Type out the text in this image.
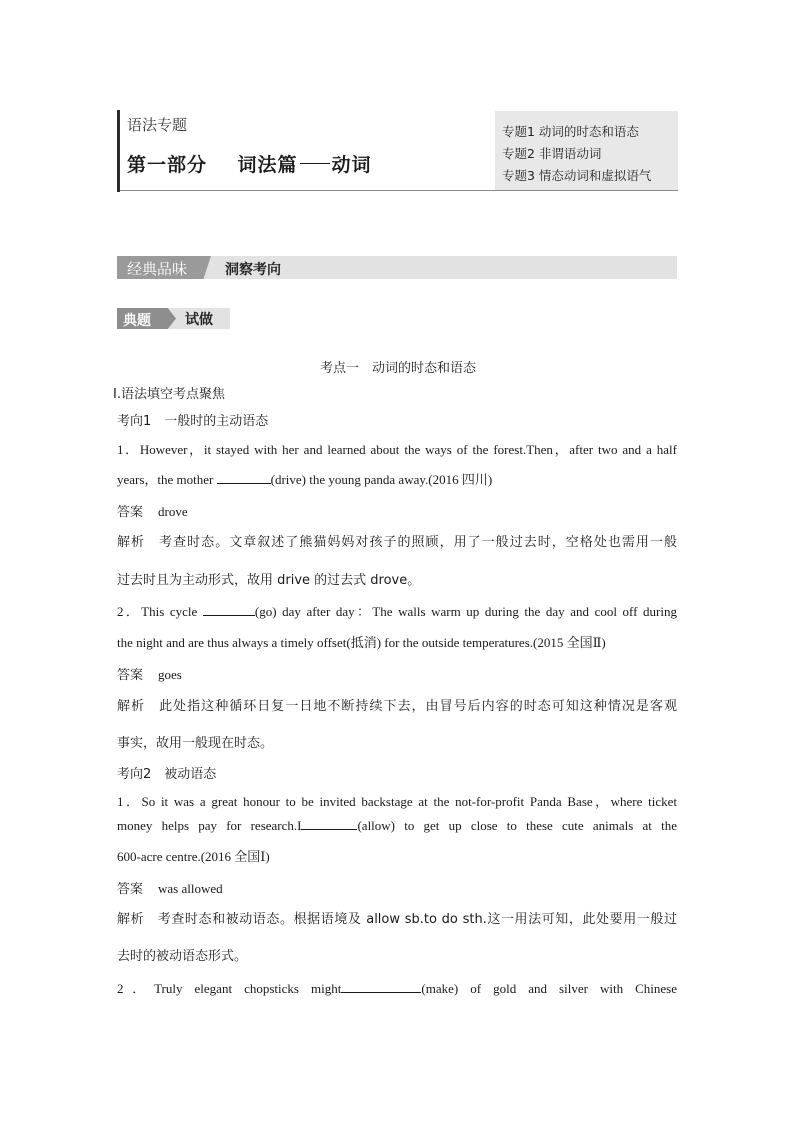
语法专题
第一部分 词法篇 动词
专题1 动词的时态和语态
专题2 非谓语动词
专题3 情态动词和虚拟语气
经典品味	洞察考向
典题 试做
考点一　动词的时态和语态
Ⅰ.语法填空考点聚焦
考向1　一般时的主动语态
1．However，it stayed with her and learned about the ways of the forest.Then，after two and a half
years，the mother	(drive) the young panda away.(2016 四川)
答案 drove
解析　 考查时态。文章叙述了熊猫妈妈对孩子的照顾，用了一般过去时，空格处也需用一般
过去时且为主动形式，故用 drive 的过去式 drove。
2．This cycle	(go) day after day：The walls warm up during the day and cool off during
the night and are thus always a timely offset(抵消) for the outside temperatures.(2015 全国Ⅱ)
答案 goes
解析　 此处指这种循环日复一日地不断持续下去，由冒号后内容的时态可知这种情况是客观
事实，故用一般现在时态。
考向2　被动语态
1．So it was a great honour to be invited backstage at the not-for-profit Panda Base，where ticket
money helps pay for research.I	(allow) to get up close to these cute animals at the
600-acre centre.(2016 全国Ⅰ)
答案 was allowed
解析　 考查时态和被动语态。根据语境及 allow sb.to do sth.这一用法可知，此处要用一般过
去时的被动语态形式。
2．Truly elegant chopsticks might	(make) of gold and silver with Chinese
